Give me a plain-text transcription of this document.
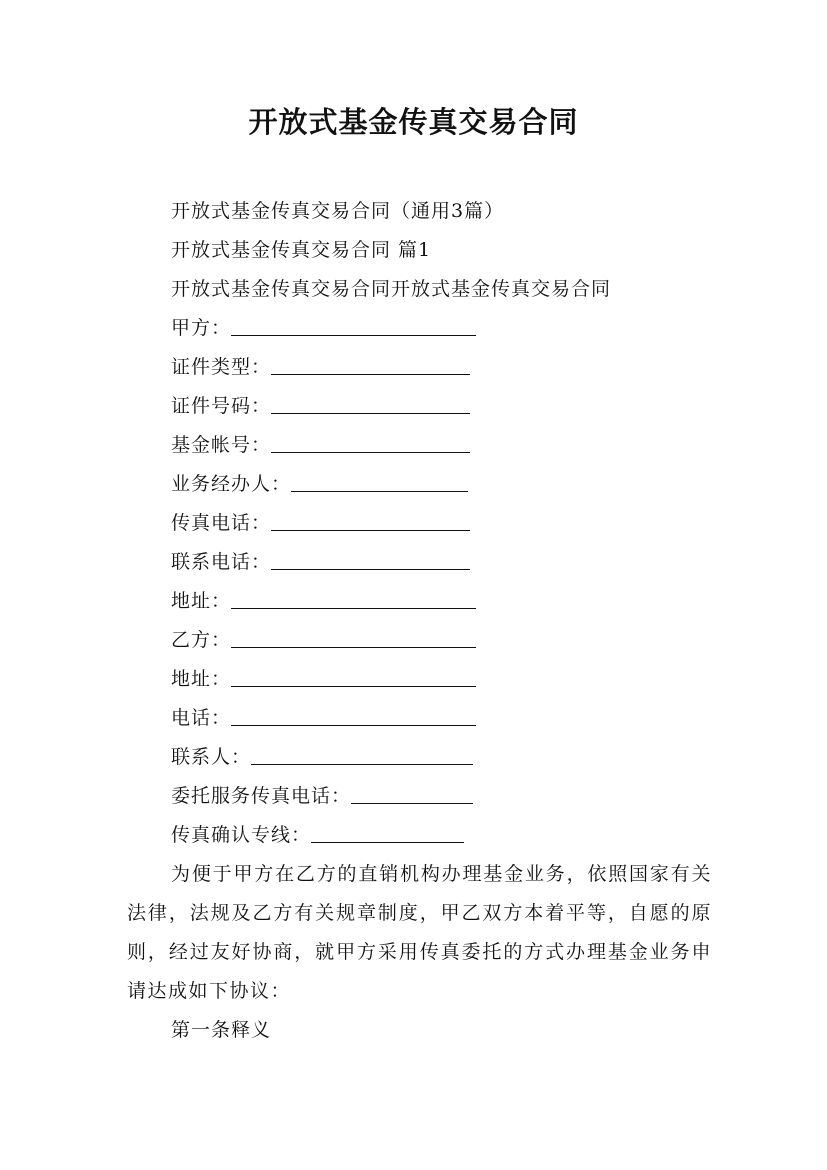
开放式基金传真交易合同
开放式基金传真交易合同（通用3篇）
开放式基金传真交易合同 篇1
开放式基金传真交易合同开放式基金传真交易合同
甲方：
证件类型：
证件号码：
基金帐号：
业务经办人：
传真电话：
联系电话：
地址：
乙方：
地址：
电话：
联系人：
委托服务传真电话：
传真确认专线：

为便于甲方在乙方的直销机构办理基金业务，依照国家有关法律，法规及乙方有关规章制度，甲乙双方本着平等，自愿的原则，经过友好协商，就甲方采用传真委托的方式办理基金业务申请达成如下协议：

第一条释义
